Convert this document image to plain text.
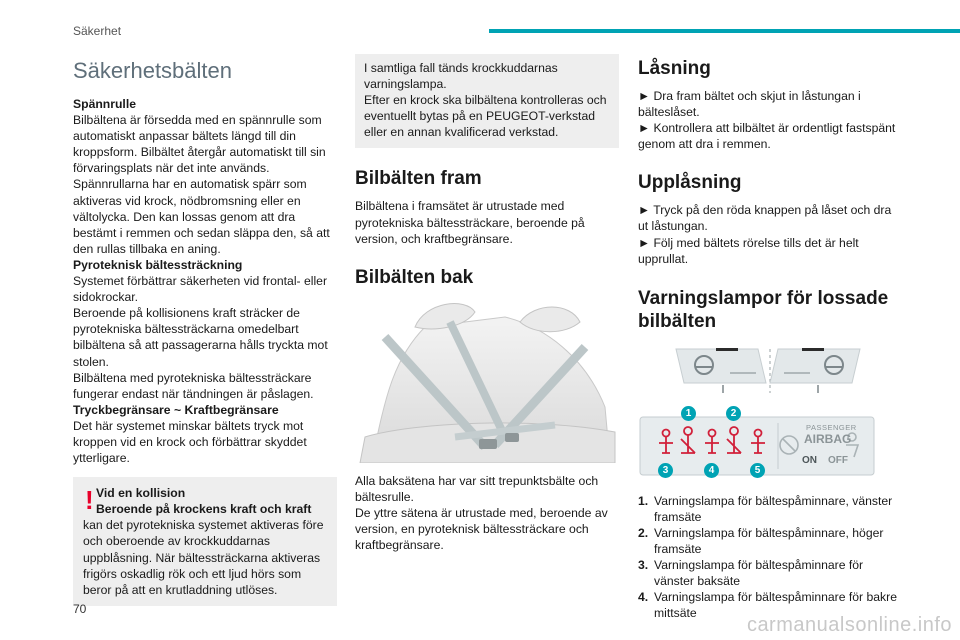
Säkerhet
Säkerhetsbälten

Spännrulle

Bilbältena är försedda med en spännrulle som automatiskt anpassar bältets längd till din kroppsform. Bilbältet återgår automatiskt till sin förvaringsplats när det inte används. Spännrullarna har en automatisk spärr som aktiveras vid krock, nödbromsning eller en vältolycka. Den kan lossas genom att dra bestämt i remmen och sedan släppa den, så att den rullas tillbaka en aning.

Pyroteknisk bältessträckning

Systemet förbättrar säkerheten vid frontal- eller sidokrockar.

Beroende på kollisionens kraft sträcker de pyrotekniska bältessträckarna omedelbart bilbältena så att passagerarna hålls tryckta mot stolen.

Bilbältena med pyrotekniska bältessträckare fungerar endast när tändningen är påslagen.

Tryckbegränsare ~ Kraftbegränsare

Det här systemet minskar bältets tryck mot kroppen vid en krock och förbättrar skyddet ytterligare.

! Vid en kollision

Beroende på krockens kraft och kraft

kan det pyrotekniska systemet aktiveras före och oberoende av krockkuddarnas uppblåsning. När bältessträckarna aktiveras frigörs oskadlig rök och ett ljud hörs som beror på att en krutladdning utlöses.

I samtliga fall tänds krockkuddarnas varningslampa.

Efter en krock ska bilbältena kontrolleras och eventuellt bytas på en PEUGEOT-verkstad eller en annan kvalificerad verkstad.

Bilbälten fram

Bilbältena i framsätet är utrustade med pyrotekniska bältessträckare, beroende på version, och kraftbegränsare.

Bilbälten bak

Alla baksätena har var sitt trepunktsbälte och bältesrulle.

De yttre sätena är utrustade med, beroende av version, en pyroteknisk bältessträckare och kraftbegränsare.

Låsning

► Dra fram bältet och skjut in låstungan i bälteslåset.

► Kontrollera att bilbältet är ordentligt fastspänt genom att dra i remmen.

Upplåsning

► Tryck på den röda knappen på låset och dra ut låstungan.

► Följ med bältets rörelse tills det är helt upprullat.

Varningslampor för lossade bilbälten
PASSENGER
AIRBAG
ON OFF
1	2
3	4	5
1. Varningslampa för bältespåminnare, vänster framsäte
2. Varningslampa för bältespåminnare, höger framsäte
3. Varningslampa för bältespåminnare för vänster baksäte
4. Varningslampa för bältespåminnare för bakre mittsäte
70
carmanualsonline.info
